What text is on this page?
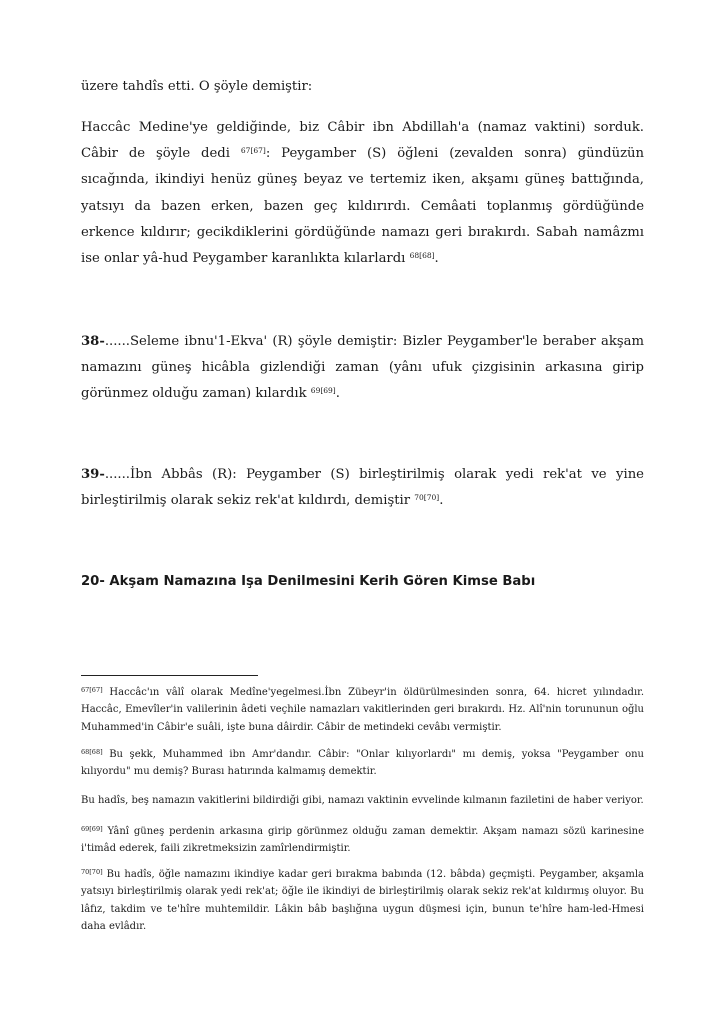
üzere tahdîs etti. O şöyle demiştir:

Haccâc Medine'ye geldiğinde, biz Câbir ibn Abdillah'a (namaz vaktini) sorduk. Câbir de şöyle dedi $^{67[67]}$: Peygamber (S) öğleni (zevalden sonra) gündüzün sıcağında, ikindiyi henüz güneş beyaz ve tertemiz iken, akşamı güneş battığında, yatsıyı da bazen erken, bazen geç kıldırırdı. Cemâati toplanmış gördüğünde erkence kıldırır; gecikdiklerini gördüğünde namazı geri bırakırdı. Sabah namâzmı ise onlar yâ-hud Peygamber karanlıkta kılarlardı $^{68[68]}$.

38-......Seleme ibnu'1-Ekva' (R) şöyle demiştir: Bizler Peygamber'le beraber akşam namazını güneş hicâbla gizlendiği zaman (yânı ufuk çizgisinin arkasına girip görünmez olduğu zaman) kılardık $^{69[69]}$.

39-......İbn Abbâs (R): Peygamber (S) birleştirilmiş olarak yedi rek'at ve yine birleştirilmiş olarak sekiz rek'at kıldırdı, demiştir $^{70[70]}$.

20- Akşam Namazına Işa Denilmesini Kerih Gören Kimse Babı

$^{67[67]}$ Haccâc'ın vâlî olarak Medîne'yegelmesi.İbn Zübeyr'in öldürülmesinden sonra, 64. hicret yılındadır. Haccâc, Emevîler'in valilerinin âdeti veçhile namazları vakitlerinden geri bırakırdı. Hz. Alî'nin torununun oğlu Muhammed'in Câbir'e suâli, işte buna dâirdir. Câbir de metindeki cevâbı vermiştir.

$^{68[68]}$ Bu şekk, Muhammed ibn Amr'dandır. Câbir: "Onlar kılıyorlardı" mı demiş, yoksa "Peygamber onu kılıyordu" mu demiş? Burası hatırında kalmamış demektir.

Bu hadîs, beş namazın vakitlerini bildirdiği gibi, namazı vaktinin evvelinde kılmanın faziletini de haber veriyor.

$^{69[69]}$ Yânî güneş perdenin arkasına girip görünmez olduğu zaman demektir. Akşam namazı sözü karinesine i'timâd ederek, faili zikretmeksizin zamîrlendirmiştir.

$^{70[70]}$ Bu hadîs, öğle namazını ikindiye kadar geri bırakma babında (12. bâbda) geçmişti. Peygamber, akşamla yatsıyı birleştirilmiş olarak yedi rek'at; öğle ile ikindiyi de birleştirilmiş olarak sekiz rek'at kıldırmış oluyor. Bu lâfız, takdim ve te'hîre muhtemildir. Lâkin bâb başlığına uygun düşmesi için, bunun te'hîre ham-led-Hmesi daha evlâdır.
